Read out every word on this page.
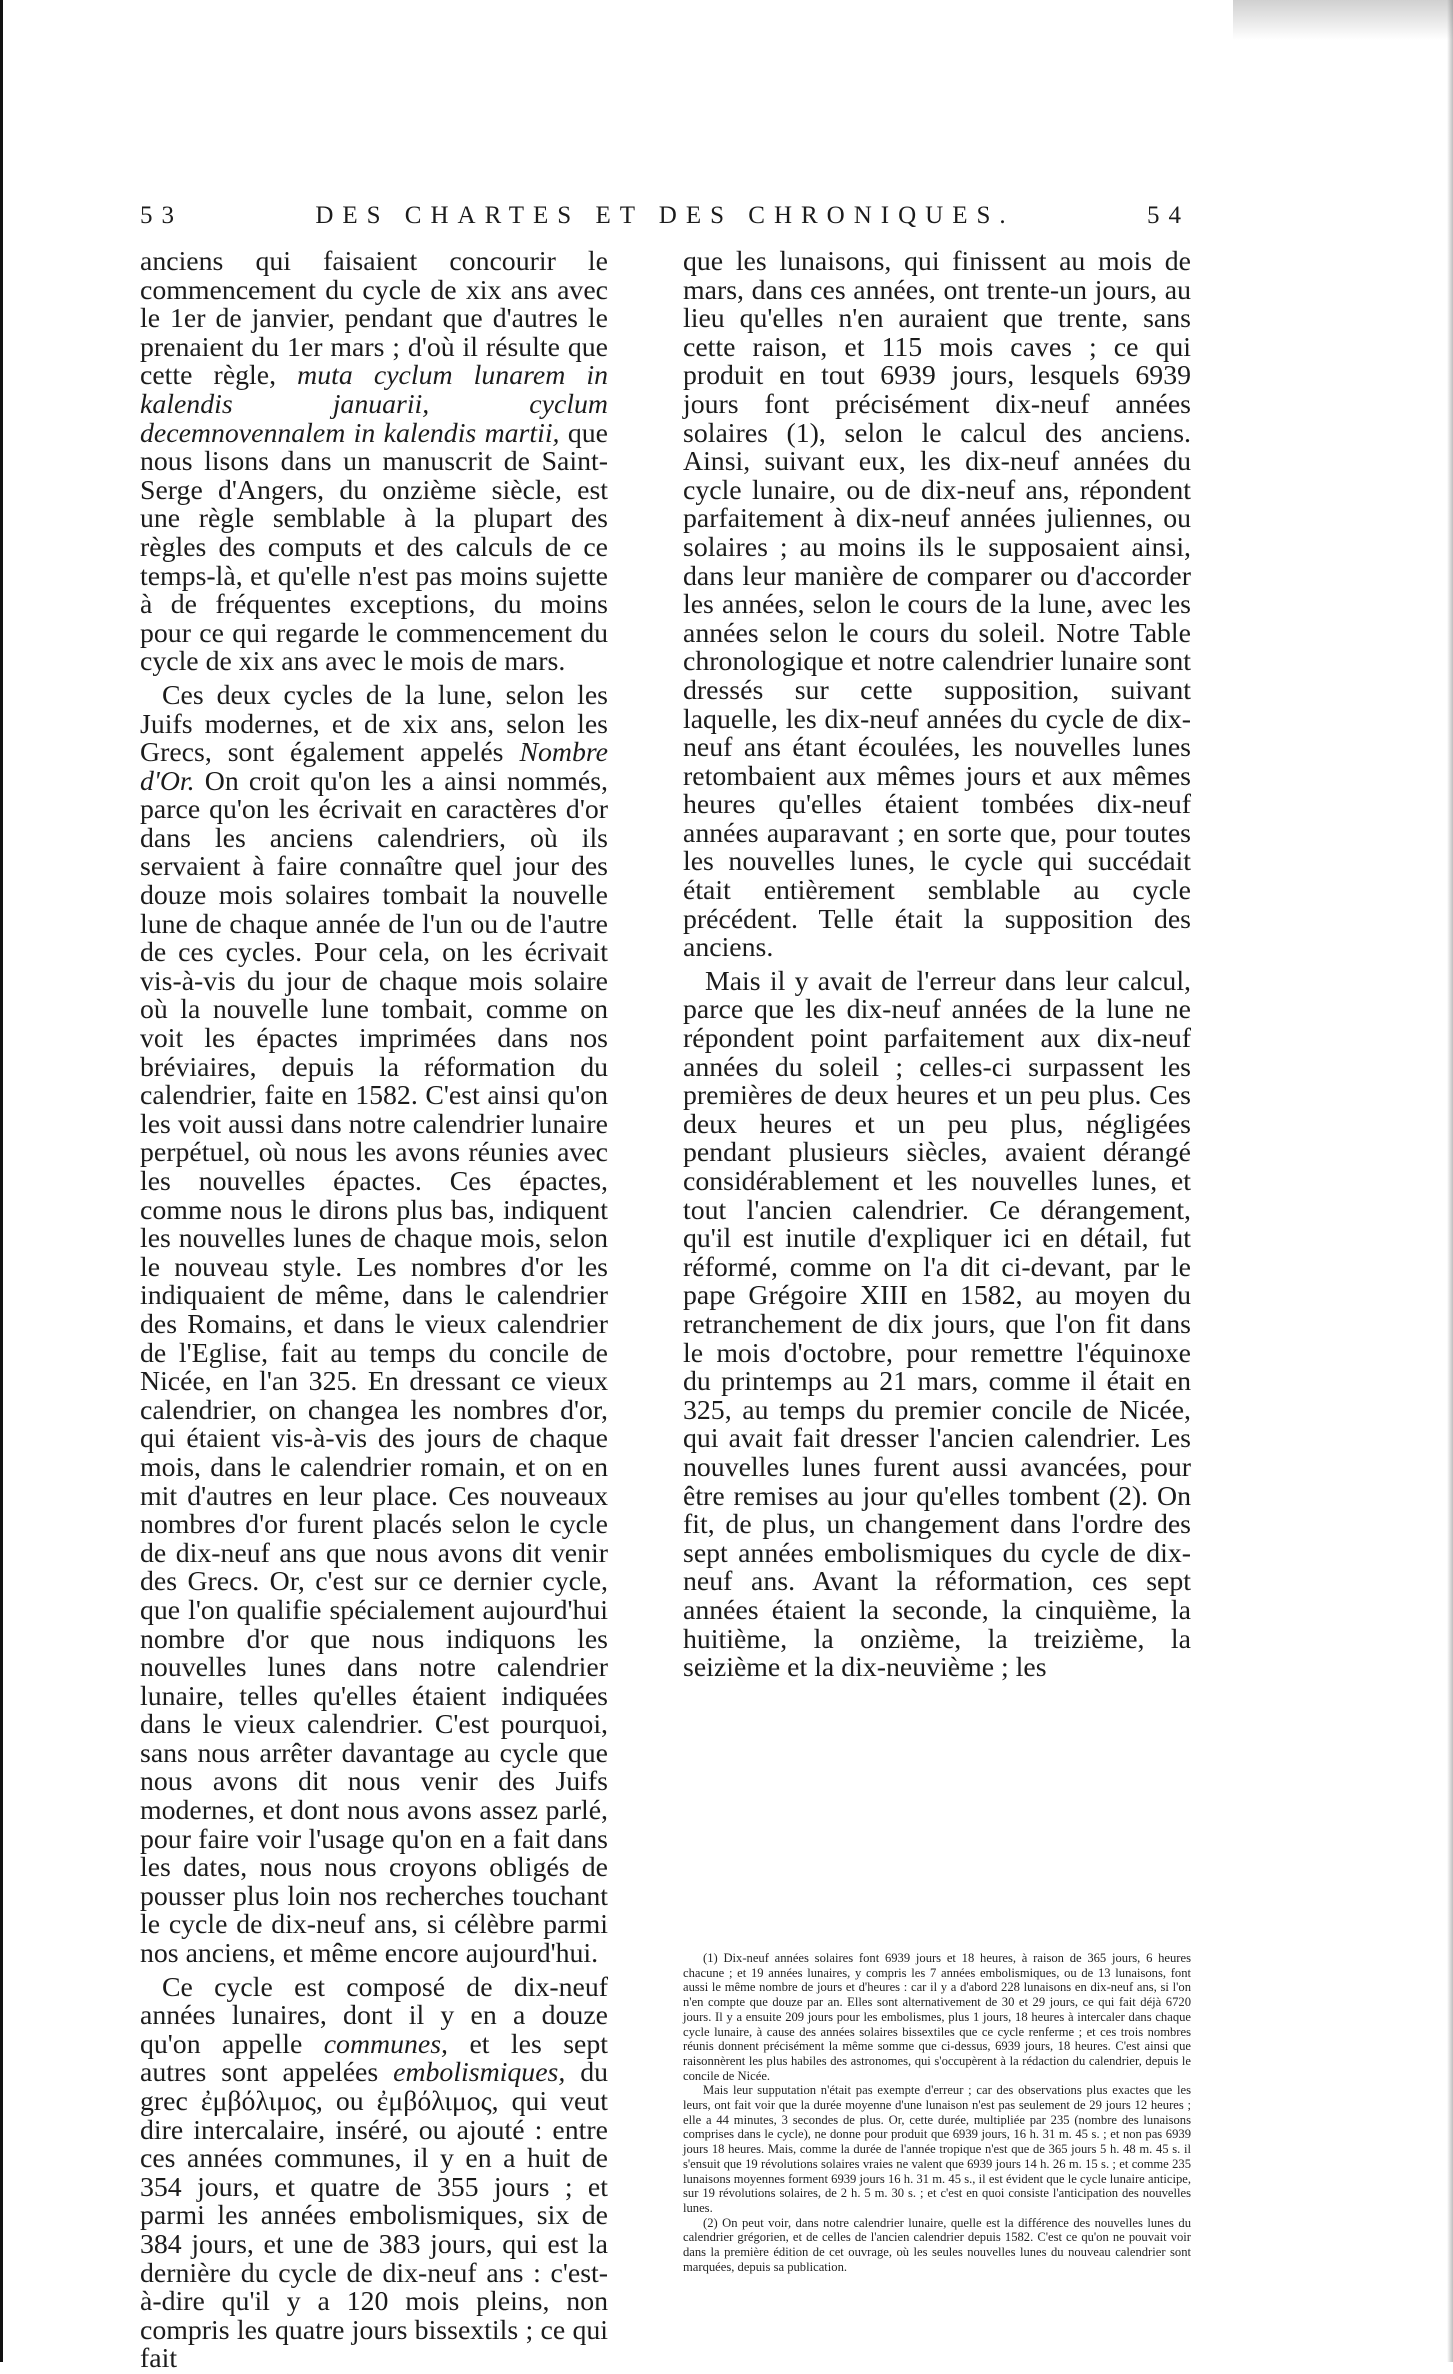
53	DES CHARTES ET DES CHRONIQUES.	54

anciens qui faisaient concourir le commencement du cycle de xix ans avec le 1er de janvier, pendant que d'autres le prenaient du 1er mars ; d'où il résulte que cette règle, muta cyclum lunarem in kalendis januarii, cyclum decemnovennalem in kalendis martii, que nous lisons dans un manuscrit de Saint-Serge d'Angers, du onzième siècle, est une règle semblable à la plupart des règles des computs et des calculs de ce temps-là, et qu'elle n'est pas moins sujette à de fréquentes exceptions, du moins pour ce qui regarde le commencement du cycle de xix ans avec le mois de mars.

Ces deux cycles de la lune, selon les Juifs modernes, et de xix ans, selon les Grecs, sont également appelés Nombre d'Or. On croit qu'on les a ainsi nommés, parce qu'on les écrivait en caractères d'or dans les anciens calendriers, où ils servaient à faire connaître quel jour des douze mois solaires tombait la nouvelle lune de chaque année de l'un ou de l'autre de ces cycles. Pour cela, on les écrivait vis-à-vis du jour de chaque mois solaire où la nouvelle lune tombait, comme on voit les épactes imprimées dans nos bréviaires, depuis la réformation du calendrier, faite en 1582. C'est ainsi qu'on les voit aussi dans notre calendrier lunaire perpétuel, où nous les avons réunies avec les nouvelles épactes. Ces épactes, comme nous le dirons plus bas, indiquent les nouvelles lunes de chaque mois, selon le nouveau style. Les nombres d'or les indiquaient de même, dans le calendrier des Romains, et dans le vieux calendrier de l'Eglise, fait au temps du concile de Nicée, en l'an 325. En dressant ce vieux calendrier, on changea les nombres d'or, qui étaient vis-à-vis des jours de chaque mois, dans le calendrier romain, et on en mit d'autres en leur place. Ces nouveaux nombres d'or furent placés selon le cycle de dix-neuf ans que nous avons dit venir des Grecs. Or, c'est sur ce dernier cycle, que l'on qualifie spécialement aujourd'hui nombre d'or que nous indiquons les nouvelles lunes dans notre calendrier lunaire, telles qu'elles étaient indiquées dans le vieux calendrier. C'est pourquoi, sans nous arrêter davantage au cycle que nous avons dit nous venir des Juifs modernes, et dont nous avons assez parlé, pour faire voir l'usage qu'on en a fait dans les dates, nous nous croyons obligés de pousser plus loin nos recherches touchant le cycle de dix-neuf ans, si célèbre parmi nos anciens, et même encore aujourd'hui.

Ce cycle est composé de dix-neuf années lunaires, dont il y en a douze qu'on appelle communes, et les sept autres sont appelées embolismiques, du grec ἐμβόλιμος, ou ἐμβόλιμος, qui veut dire intercalaire, inséré, ou ajouté : entre ces années communes, il y en a huit de 354 jours, et quatre de 355 jours ; et parmi les années embolismiques, six de 384 jours, et une de 383 jours, qui est la dernière du cycle de dix-neuf ans : c'est-à-dire qu'il y a 120 mois pleins, non compris les quatre jours bissextils ; ce qui fait

que les lunaisons, qui finissent au mois de mars, dans ces années, ont trente-un jours, au lieu qu'elles n'en auraient que trente, sans cette raison, et 115 mois caves ; ce qui produit en tout 6939 jours, lesquels 6939 jours font précisément dix-neuf années solaires (1), selon le calcul des anciens. Ainsi, suivant eux, les dix-neuf années du cycle lunaire, ou de dix-neuf ans, répondent parfaitement à dix-neuf années juliennes, ou solaires ; au moins ils le supposaient ainsi, dans leur manière de comparer ou d'accorder les années, selon le cours de la lune, avec les années selon le cours du soleil. Notre Table chronologique et notre calendrier lunaire sont dressés sur cette supposition, suivant laquelle, les dix-neuf années du cycle de dix-neuf ans étant écoulées, les nouvelles lunes retombaient aux mêmes jours et aux mêmes heures qu'elles étaient tombées dix-neuf années auparavant ; en sorte que, pour toutes les nouvelles lunes, le cycle qui succédait était entièrement semblable au cycle précédent. Telle était la supposition des anciens.

Mais il y avait de l'erreur dans leur calcul, parce que les dix-neuf années de la lune ne répondent point parfaitement aux dix-neuf années du soleil ; celles-ci surpassent les premières de deux heures et un peu plus. Ces deux heures et un peu plus, négligées pendant plusieurs siècles, avaient dérangé considérablement et les nouvelles lunes, et tout l'ancien calendrier. Ce dérangement, qu'il est inutile d'expliquer ici en détail, fut réformé, comme on l'a dit ci-devant, par le pape Grégoire XIII en 1582, au moyen du retranchement de dix jours, que l'on fit dans le mois d'octobre, pour remettre l'équinoxe du printemps au 21 mars, comme il était en 325, au temps du premier concile de Nicée, qui avait fait dresser l'ancien calendrier. Les nouvelles lunes furent aussi avancées, pour être remises au jour qu'elles tombent (2). On fit, de plus, un changement dans l'ordre des sept années embolismiques du cycle de dix-neuf ans. Avant la réformation, ces sept années étaient la seconde, la cinquième, la huitième, la onzième, la treizième, la seizième et la dix-neuvième ; les

(1) Dix-neuf années solaires font 6939 jours et 18 heures, à raison de 365 jours, 6 heures chacune ; et 19 années lunaires, y compris les 7 années embolismiques, ou de 13 lunaisons, font aussi le même nombre de jours et d'heures : car il y a d'abord 228 lunaisons en dix-neuf ans, si l'on n'en compte que douze par an. Elles sont alternativement de 30 et 29 jours, ce qui fait déjà 6720 jours. Il y a ensuite 209 jours pour les embolismes, plus 1 jours, 18 heures à intercaler dans chaque cycle lunaire, à cause des années solaires bissextiles que ce cycle renferme ; et ces trois nombres réunis donnent précisément la même somme que ci-dessus, 6939 jours, 18 heures. C'est ainsi que raisonnèrent les plus habiles des astronomes, qui s'occupèrent à la rédaction du calendrier, depuis le concile de Nicée.

Mais leur supputation n'était pas exempte d'erreur ; car des observations plus exactes que les leurs, ont fait voir que la durée moyenne d'une lunaison n'est pas seulement de 29 jours 12 heures ; elle a 44 minutes, 3 secondes de plus. Or, cette durée, multipliée par 235 (nombre des lunaisons comprises dans le cycle), ne donne pour produit que 6939 jours, 16 h. 31 m. 45 s. ; et non pas 6939 jours 18 heures. Mais, comme la durée de l'année tropique n'est que de 365 jours 5 h. 48 m. 45 s. il s'ensuit que 19 révolutions solaires vraies ne valent que 6939 jours 14 h. 26 m. 15 s. ; et comme 235 lunaisons moyennes forment 6939 jours 16 h. 31 m. 45 s., il est évident que le cycle lunaire anticipe, sur 19 révolutions solaires, de 2 h. 5 m. 30 s. ; et c'est en quoi consiste l'anticipation des nouvelles lunes.

(2) On peut voir, dans notre calendrier lunaire, quelle est la différence des nouvelles lunes du calendrier grégorien, et de celles de l'ancien calendrier depuis 1582. C'est ce qu'on ne pouvait voir dans la première édition de cet ouvrage, où les seules nouvelles lunes du nouveau calendrier sont marquées, depuis sa publication.
